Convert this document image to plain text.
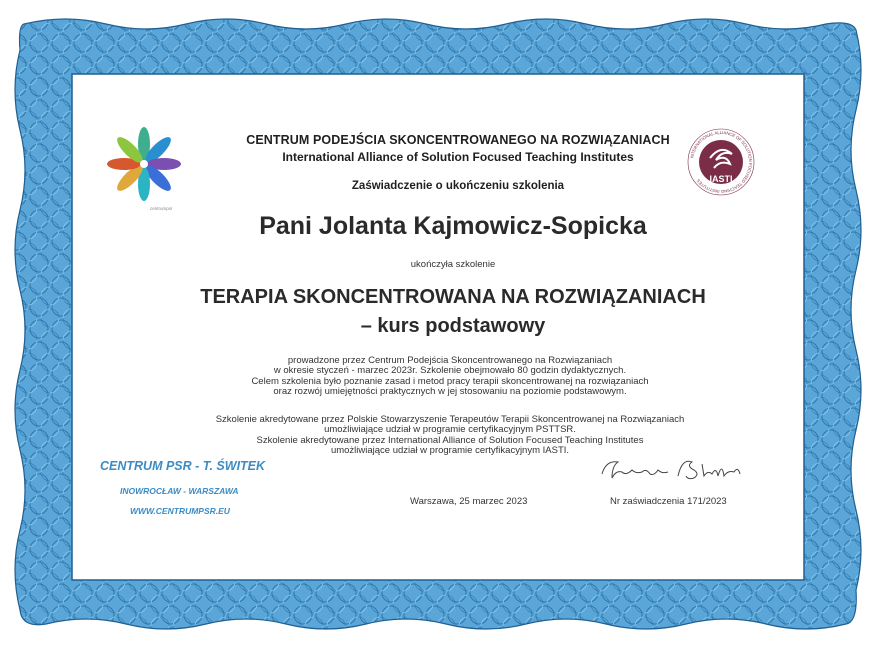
centrumpsr
IASTI
INTERNATIONAL ALLIANCE OF SOLUTION FOCUSED TEACHING INSTITUTES
CENTRUM PODEJŚCIA SKONCENTROWANEGO NA ROZWIĄZANIACH
International Alliance of Solution Focused Teaching Institutes
Zaświadczenie o ukończeniu szkolenia
Pani Jolanta Kajmowicz-Sopicka
ukończyła szkolenie
TERAPIA SKONCENTROWANA NA ROZWIĄZANIACH
– kurs podstawowy
prowadzone przez Centrum Podejścia Skoncentrowanego na Rozwiązaniach
w okresie styczeń - marzec 2023r. Szkolenie obejmowało 80 godzin dydaktycznych.
Celem szkolenia było poznanie zasad i metod pracy terapii skoncentrowanej na rozwiązaniach
oraz rozwój umiejętności praktycznych w jej stosowaniu na poziomie podstawowym.
Szkolenie akredytowane przez Polskie Stowarzyszenie Terapeutów Terapii Skoncentrowanej na Rozwiązaniach
umożliwiające udział w programie certyfikacyjnym PSTTSR.
Szkolenie akredytowane przez International Alliance of Solution Focused Teaching Institutes
umożliwiające udział w programie certyfikacyjnym IASTI.
CENTRUM PSR - T. ŚWITEK
INOWROCŁAW - WARSZAWA
WWW.CENTRUMPSR.EU
Warszawa, 25 marzec 2023	Nr zaświadczenia 171/2023
